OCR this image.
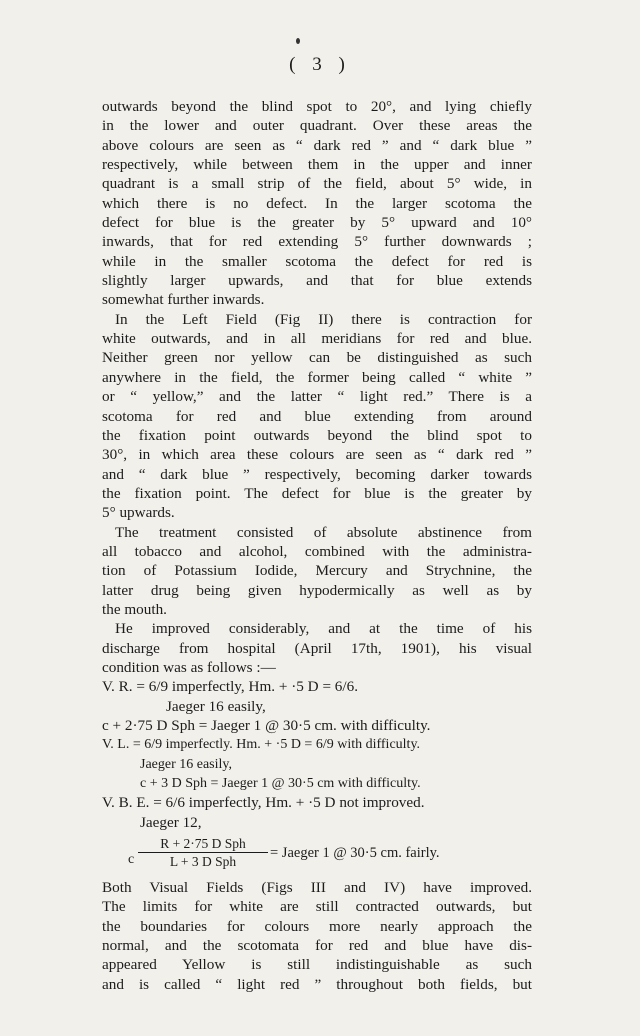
( 3 )
outwards beyond the blind spot to 20°, and lying chiefly
in the lower and outer quadrant. Over these areas the
above colours are seen as “ dark red ” and “ dark blue ”
respectively, while between them in the upper and inner
quadrant is a small strip of the field, about 5° wide, in
which there is no defect. In the larger scotoma the
defect for blue is the greater by 5° upward and 10°
inwards, that for red extending 5° further downwards ;
while in the smaller scotoma the defect for red is
slightly larger upwards, and that for blue extends
somewhat further inwards.
In the Left Field (Fig II) there is contraction for
white outwards, and in all meridians for red and blue.
Neither green nor yellow can be distinguished as such
anywhere in the field, the former being called “ white ”
or “ yellow,” and the latter “ light red.” There is a
scotoma for red and blue extending from around
the fixation point outwards beyond the blind spot to
30°, in which area these colours are seen as “ dark red ”
and “ dark blue ” respectively, becoming darker towards
the fixation point. The defect for blue is the greater by
5° upwards.
The treatment consisted of absolute abstinence from
all tobacco and alcohol, combined with the administra-
tion of Potassium Iodide, Mercury and Strychnine, the
latter drug being given hypodermically as well as by
the mouth.
He improved considerably, and at the time of his
discharge from hospital (April 17th, 1901), his visual
condition was as follows :—
V. R. = 6/9 imperfectly, Hm. + ·5 D = 6/6.
Jaeger 16 easily,
c + 2·75 D Sph = Jaeger 1 @ 30·5 cm. with difficulty.
V. L. = 6/9 imperfectly. Hm. + ·5 D = 6/9 with difficulty.
Jaeger 16 easily,
c + 3 D Sph = Jaeger 1 @ 30·5 cm with difficulty.
V. B. E. = 6/6 imperfectly, Hm. + ·5 D not improved.
Jaeger 12,
c
R + 2·75 D Sph
L + 3 D Sph
= Jaeger 1 @ 30·5 cm. fairly.
Both Visual Fields (Figs III and IV) have improved.
The limits for white are still contracted outwards, but
the boundaries for colours more nearly approach the
normal, and the scotomata for red and blue have dis-
appeared Yellow is still indistinguishable as such
and is called “ light red ” throughout both fields, but
